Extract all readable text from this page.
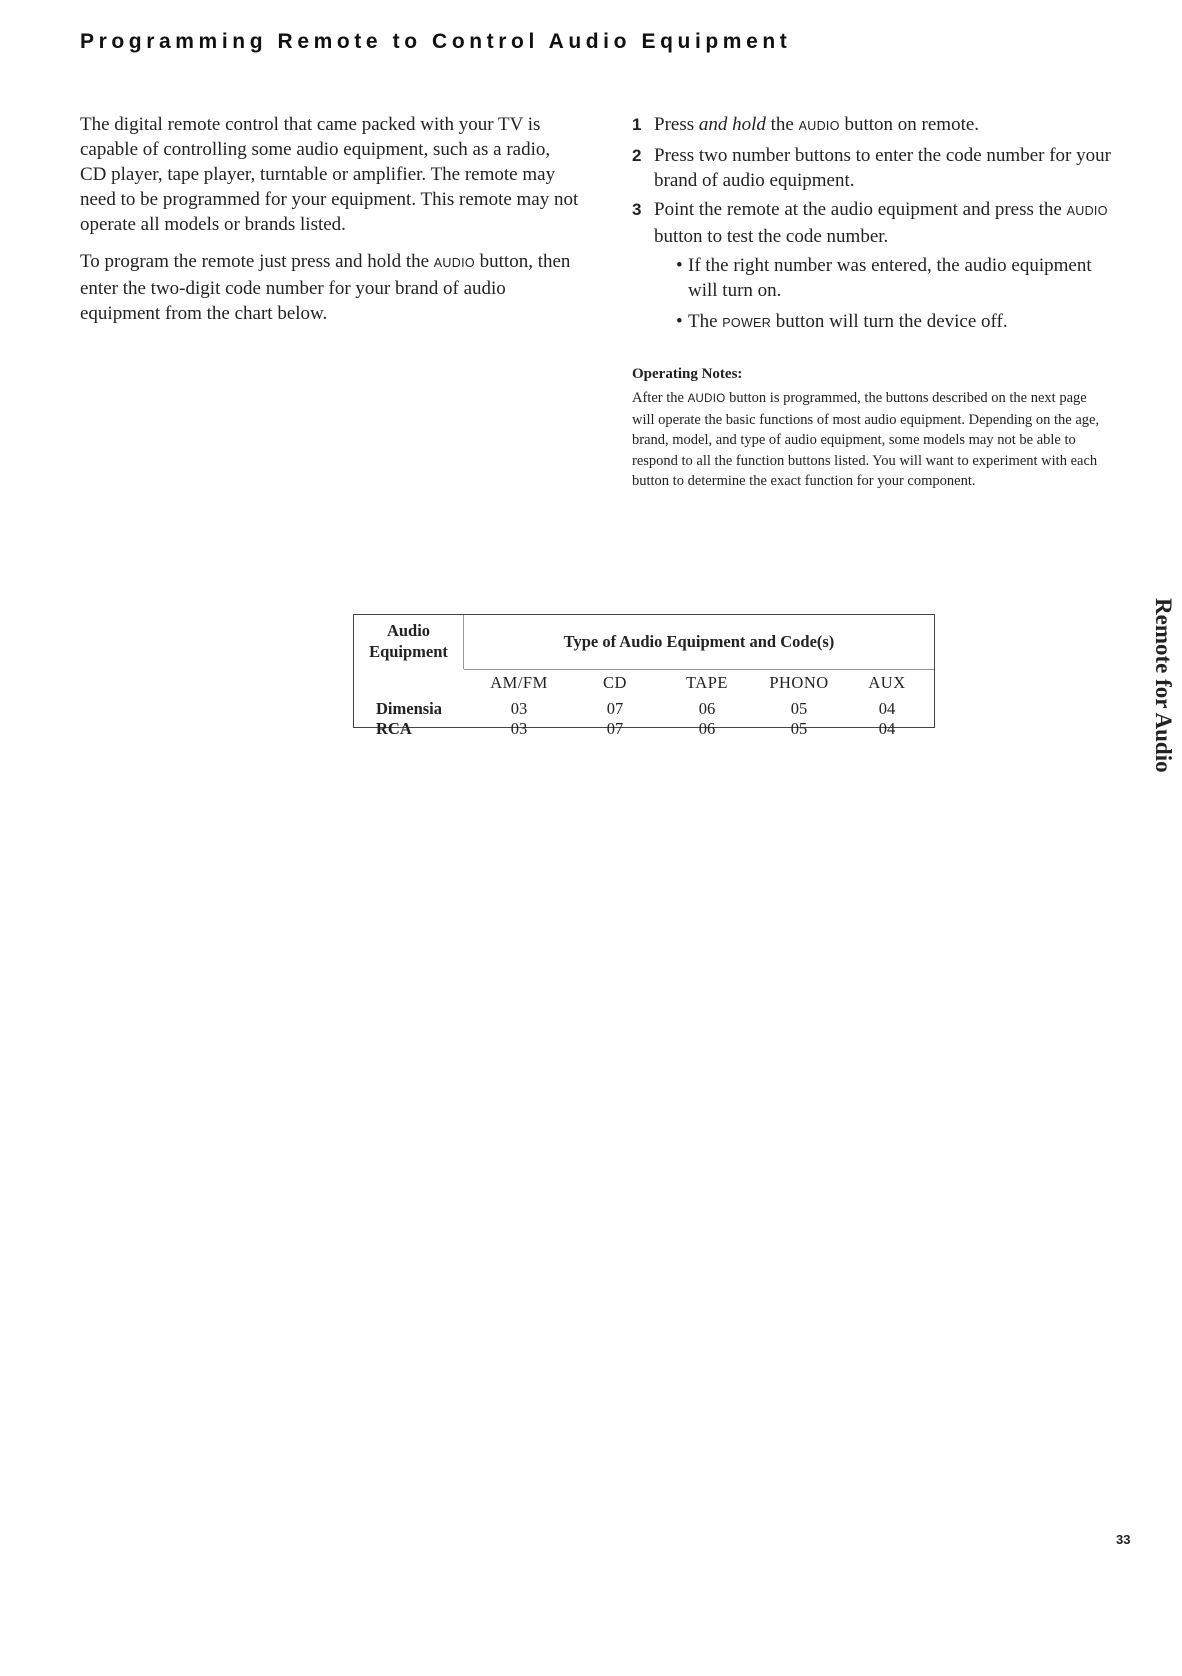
Programming Remote to Control Audio Equipment

The digital remote control that came packed with your TV is capable of controlling some audio equipment, such as a radio, CD player, tape player, turntable or amplifier. The remote may need to be programmed for your equipment. This remote may not operate all models or brands listed.

To program the remote just press and hold the AUDIO button, then enter the two-digit code number for your brand of audio equipment from the chart below.

1 Press and hold the AUDIO button on remote.
2 Press two number buttons to enter the code number for your brand of audio equipment.
3 Point the remote at the audio equipment and press the AUDIO button to test the code number.
• If the right number was entered, the audio equipment will turn on.
• The POWER button will turn the device off.
Operating Notes:
After the AUDIO button is programmed, the buttons described on the next page will operate the basic functions of most audio equipment. Depending on the age, brand, model, and type of audio equipment, some models may not be able to respond to all the function buttons listed. You will want to experiment with each button to determine the exact function for your component.
Audio
Equipment
Type of Audio Equipment and Code(s)
AM/FM	CD	TAPE	PHONO	AUX
Dimensia	03	07	06	05	04
RCA	03	07	06	05	04	Remote for Audio
33
